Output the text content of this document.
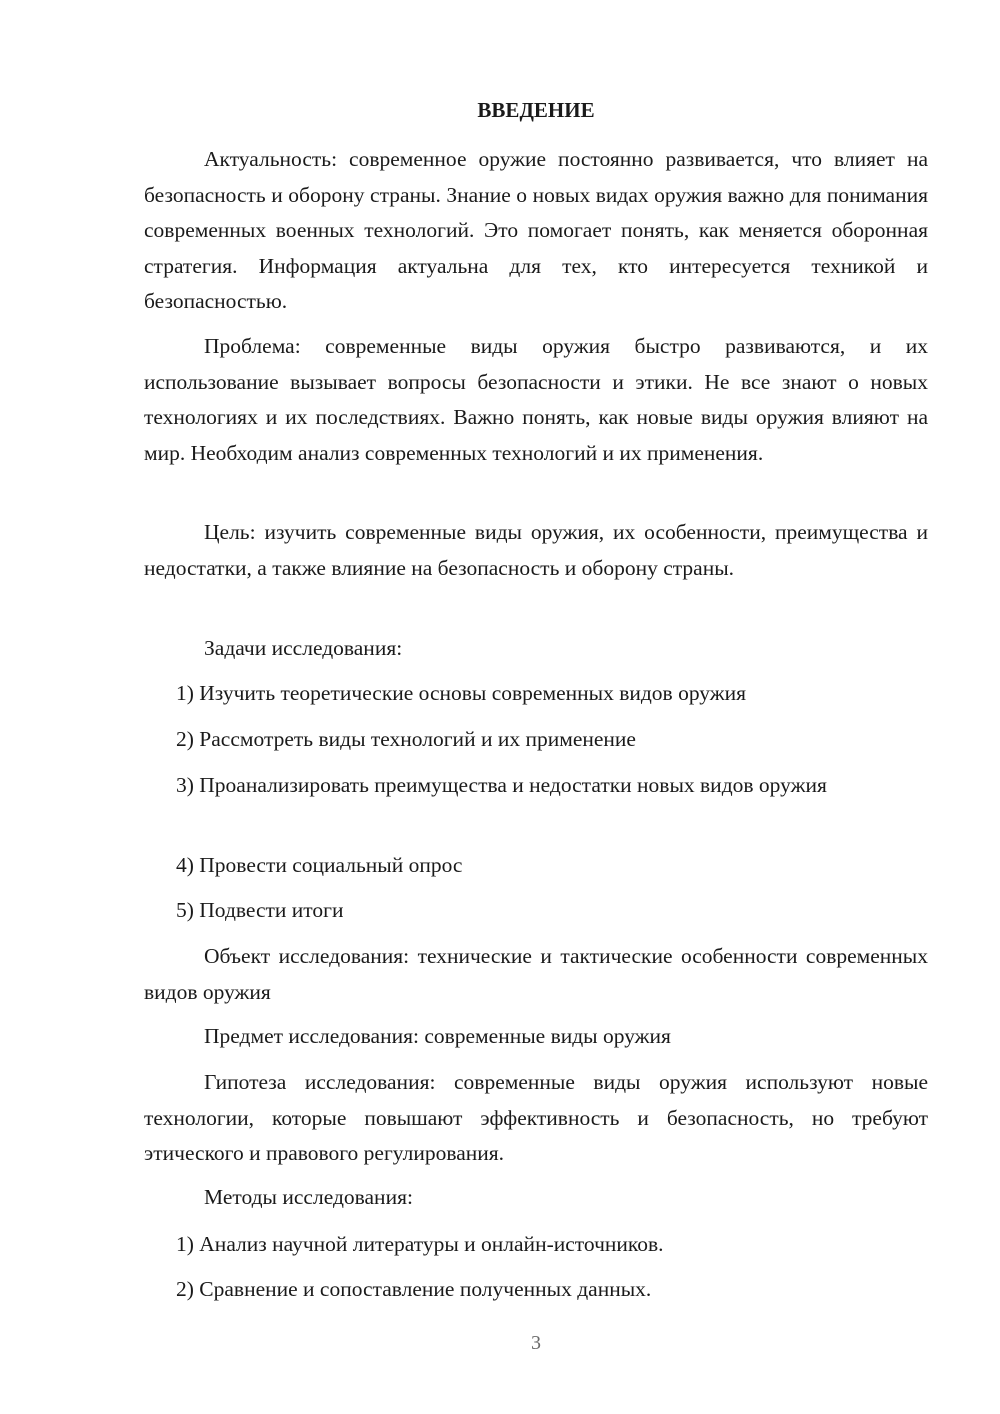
ВВЕДЕНИЕ

Актуальность: современное оружие постоянно развивается, что влияет на безопасность и оборону страны. Знание о новых видах оружия важно для понимания современных военных технологий. Это помогает понять, как меняется оборонная стратегия. Информация актуальна для тех, кто интересуется техникой и безопасностью.

Проблема: современные виды оружия быстро развиваются, и их использование вызывает вопросы безопасности и этики. Не все знают о новых технологиях и их последствиях. Важно понять, как новые виды оружия влияют на мир. Необходим анализ современных технологий и их применения.

Цель: изучить современные виды оружия, их особенности, преимущества и недостатки, а также влияние на безопасность и оборону страны.

Задачи исследования:

1) Изучить теоретические основы современных видов оружия

2) Рассмотреть виды технологий и их применение

3) Проанализировать преимущества и недостатки новых видов оружия

4) Провести социальный опрос

5) Подвести итоги

Объект исследования: технические и тактические особенности современных видов оружия

Предмет исследования: современные виды оружия

Гипотеза исследования: современные виды оружия используют новые технологии, которые повышают эффективность и безопасность, но требуют этического и правового регулирования.

Методы исследования:

1) Анализ научной литературы и онлайн-источников.

2) Сравнение и сопоставление полученных данных.

3
